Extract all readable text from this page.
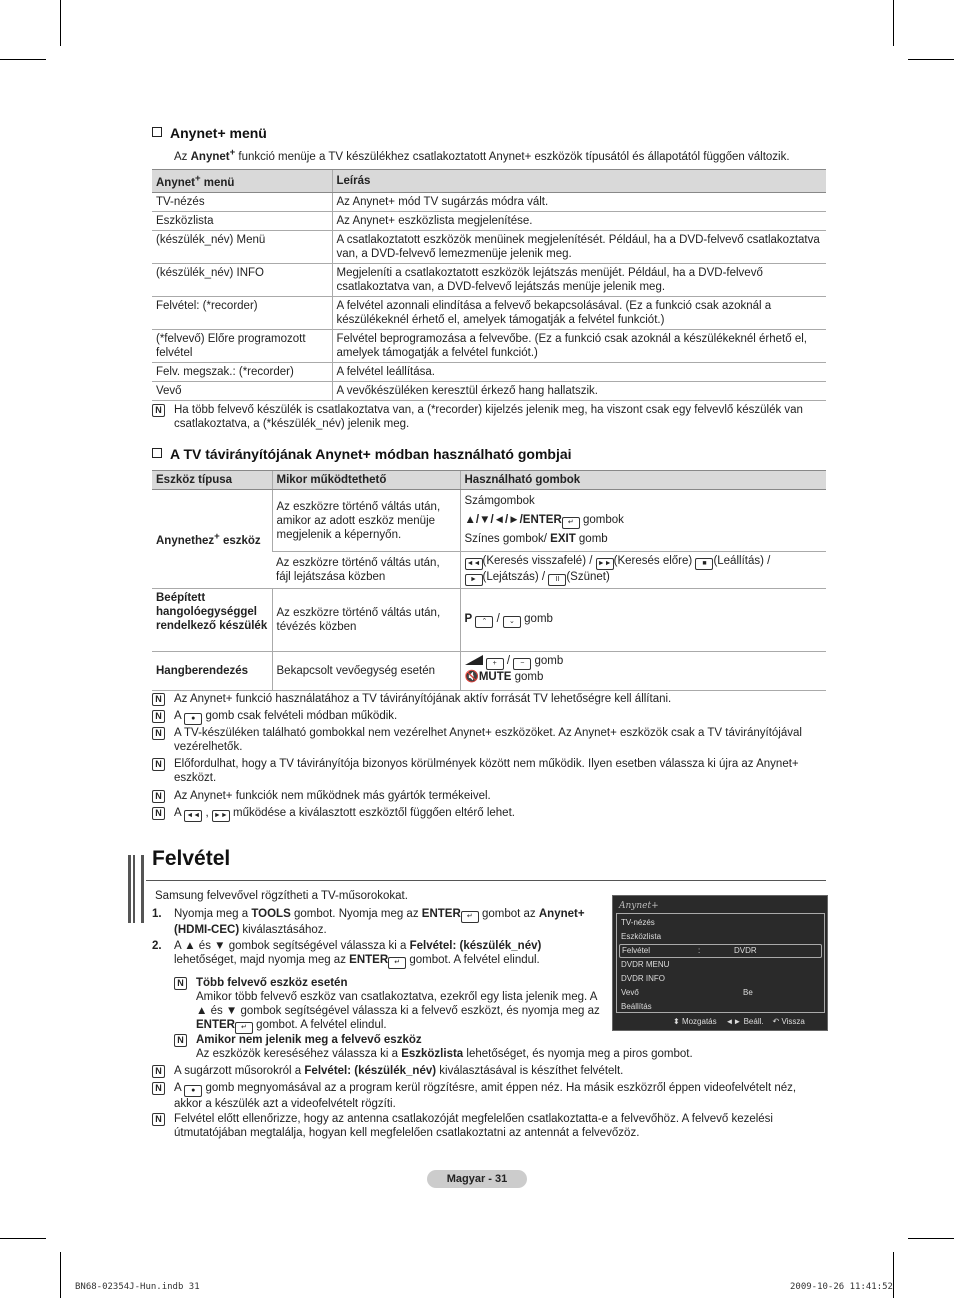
Anynet+ menü
Az Anynet+ funkció menüje a TV készülékhez csatlakoztatott Anynet+ eszközök típusától és állapotától függően változik.
Anynet+ menü	Leírás
TV-nézés	Az Anynet+ mód TV sugárzás módra vált.
Eszközlista	Az Anynet+ eszközlista megjelenítése.
(készülék_név) Menü	A csatlakoztatott eszközök menüinek megjelenítését. Például, ha a DVD-felvevő csatlakoztatva van, a DVD-felvevő lemezmenüje jelenik meg.
(készülék_név) INFO	Megjeleníti a csatlakoztatott eszközök lejátszás menüjét. Például, ha a DVD-felvevő csatlakoztatva van, a DVD-felvevő lejátszás menüje jelenik meg.
Felvétel: (*recorder)	A felvétel azonnali elindítása a felvevő bekapcsolásával. (Ez a funkció csak azoknál a készülékeknél érhető el, amelyek támogatják a felvétel funkciót.)
(*felvevő) Előre programozott felvétel	Felvétel beprogramozása a felvevőbe. (Ez a funkció csak azoknál a készülékeknél érhető el, amelyek támogatják a felvétel funkciót.)
Felv. megszak.: (*recorder)	A felvétel leállítása.
Vevő	A vevőkészüléken keresztül érkező hang hallatszik.
N Ha több felvevő készülék is csatlakoztatva van, a (*recorder) kijelzés jelenik meg, ha viszont csak egy felvevlő készülék van csatlakoztatva, a (*készülék_név) jelenik meg.
A TV távirányítójának Anynet+ módban használható gombjai
Eszköz típusa	Mikor működtethető	Használható gombok
Anynethez+ eszköz	Az eszközre történő váltás után, amikor az adott eszköz menüje megjelenik a képernyőn.	Számgombok
▲/▼/◄/►/ENTER ↵ gombok
Színes gombok/ EXIT gomb

	Az eszközre történő váltás után, fájl lejátszása közben	◄◄ (Keresés visszafelé) / ►► (Keresés előre) ■ (Leállítás) /
► (Lejátszás) / II (Szünet)
Beépített hangolóegységgel rendelkező készülék	Az eszközre történő váltás után, tévézés közben	P ⌃ / ⌄ gomb
Hangberendezés	Bekapcsolt vevőegység esetén	+ / − gomb
🔇MUTE gomb
N Az Anynet+ funkció használatához a TV távirányítójának aktív forrását TV lehetőségre kell állítani.
N A ● gomb csak felvételi módban működik.
N A TV-készüléken található gombokkal nem vezérelhet Anynet+ eszközöket. Az Anynet+ eszközök csak a TV távirányítójával vezérelhetők.
N Előfordulhat, hogy a TV távirányítója bizonyos körülmények között nem működik. Ilyen esetben válassza ki újra az Anynet+ eszközt.
N Az Anynet+ funkciók nem működnek más gyártók termékeivel.
N A ◄◄ , ►► működése a kiválasztott eszköztől függően eltérő lehet.
Felvétel
Samsung felvevővel rögzítheti a TV-műsorokokat.
1. Nyomja meg a TOOLS gombot. Nyomja meg az ENTER ↵ gombot az Anynet+ (HDMI-CEC) kiválasztásához.
2. A ▲ és ▼ gombok segítségével válassza ki a Felvétel: (készülék_név) lehetőséget, majd nyomja meg az ENTER ↵ gombot. A felvétel elindul.
N Több felvevő eszköz esetén
Amikor több felvevő eszköz van csatlakoztatva, ezekről egy lista jelenik meg. A ▲ és ▼ gombok segítségével válassza ki a felvevő eszközt, és nyomja meg az ENTER ↵ gombot. A felvétel elindul.
N Amikor nem jelenik meg a felvevő eszköz
Az eszközök kereséséhez válassza ki a Eszközlista lehetőséget, és nyomja meg a piros gombot.
N A sugárzott műsorokról a Felvétel: (készülék_név) kiválasztásával is készíthet felvételt.
N A ● gomb megnyomásával az a program kerül rögzítésre, amit éppen néz. Ha másik eszközről éppen videofelvételt néz, akkor a készülék azt a videofelvételt rögzíti.
N Felvétel előtt ellenőrizze, hogy az antenna csatlakozóját megfelelően csatlakoztatta-e a felvevőhöz. A felvevő kezelési útmutatójában megtalálja, hogyan kell megfelelően csatlakoztatni az antennát a felvevőzöz.
Anynet+
TV-nézés
Eszközlista
Felvétel	:	DVDR
DVDR MENU
DVDR INFO
Vevő	Be
Beállítás
⬍ Mozgatás ◄► Beáll. ↶ Vissza
Magyar - 31
BN68-02354J-Hun.indb 31	2009-10-26 11:41:52
